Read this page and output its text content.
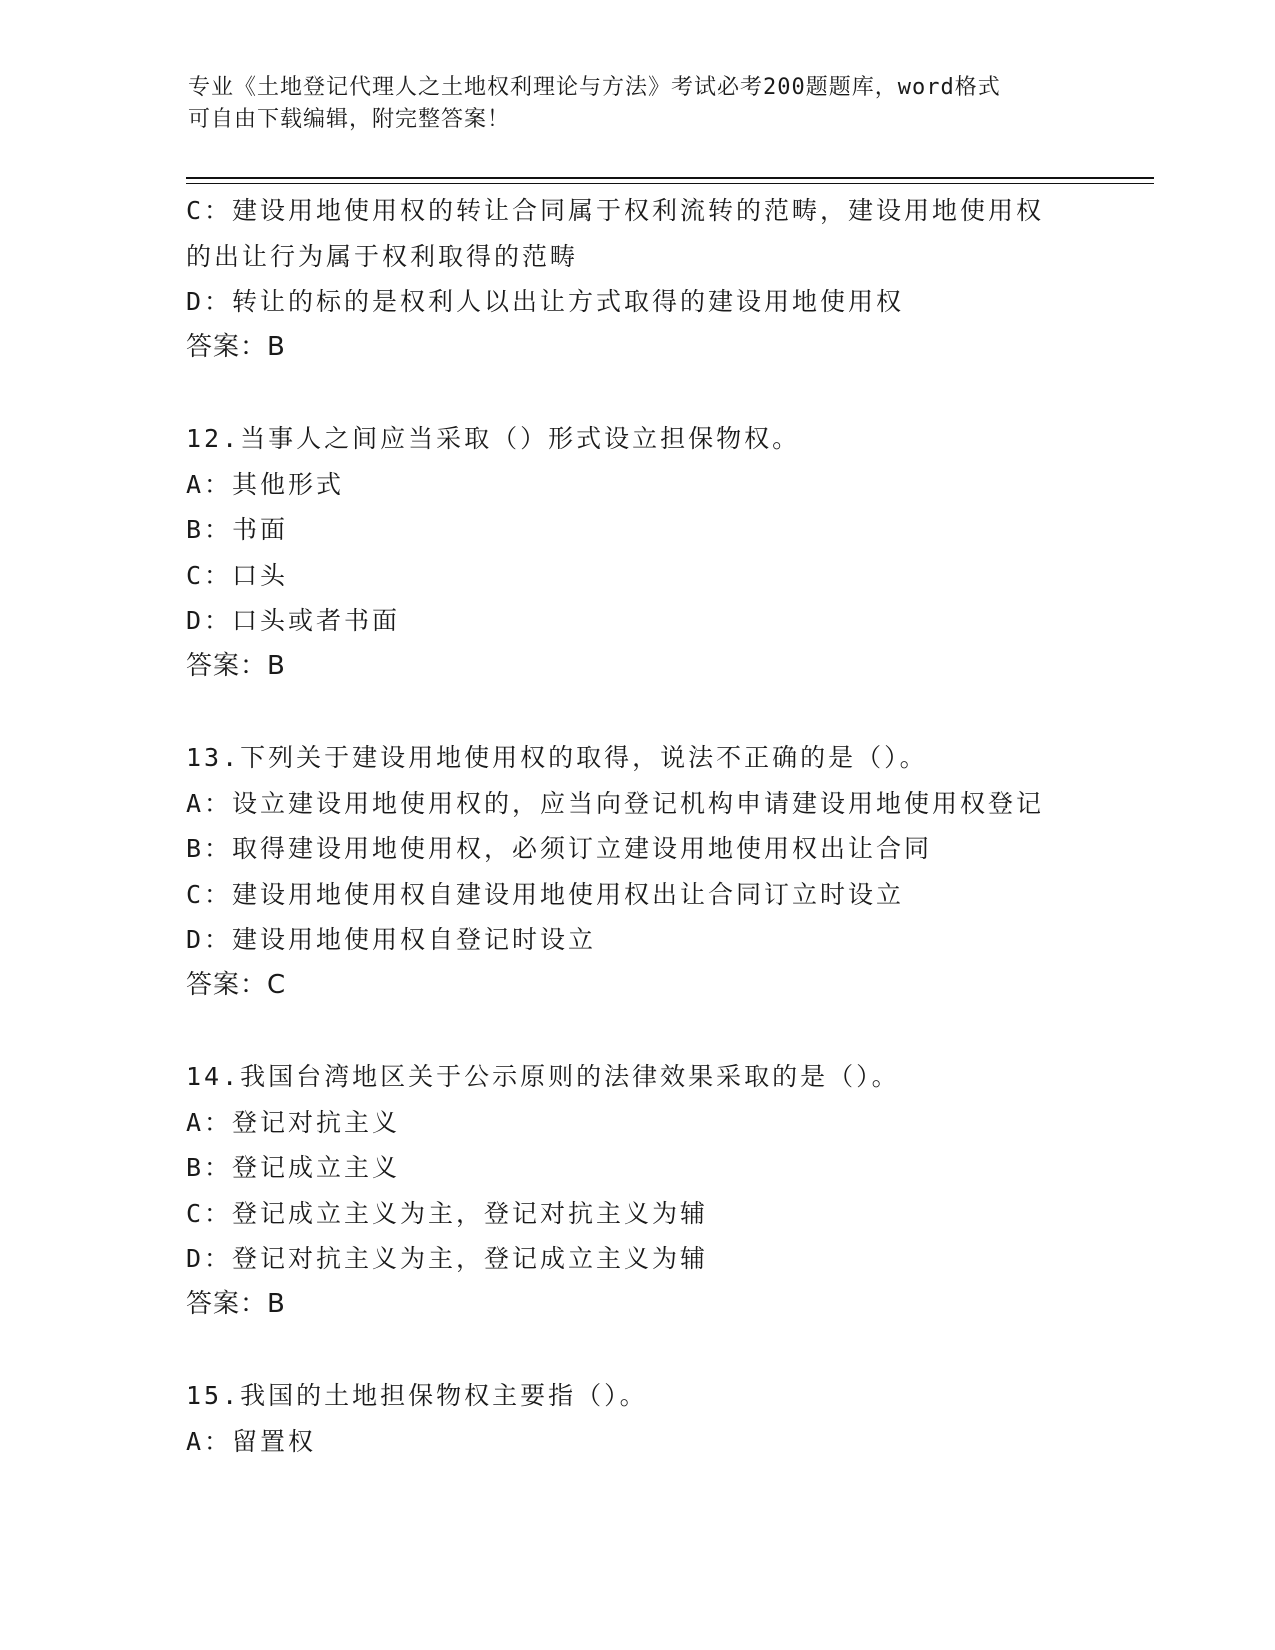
专业《土地登记代理人之土地权利理论与方法》考试必考200题题库，word格式
可自由下载编辑，附完整答案！
C：建设用地使用权的转让合同属于权利流转的范畴，建设用地使用权
的出让行为属于权利取得的范畴
D：转让的标的是权利人以出让方式取得的建设用地使用权
答案：B
12.当事人之间应当采取（）形式设立担保物权。
A：其他形式
B：书面
C：口头
D：口头或者书面
答案：B
13.下列关于建设用地使用权的取得，说法不正确的是（）。
A：设立建设用地使用权的，应当向登记机构申请建设用地使用权登记
B：取得建设用地使用权，必须订立建设用地使用权出让合同
C：建设用地使用权自建设用地使用权出让合同订立时设立
D：建设用地使用权自登记时设立
答案：C
14.我国台湾地区关于公示原则的法律效果采取的是（）。
A：登记对抗主义
B：登记成立主义
C：登记成立主义为主，登记对抗主义为辅
D：登记对抗主义为主，登记成立主义为辅
答案：B
15.我国的土地担保物权主要指（）。
A：留置权
